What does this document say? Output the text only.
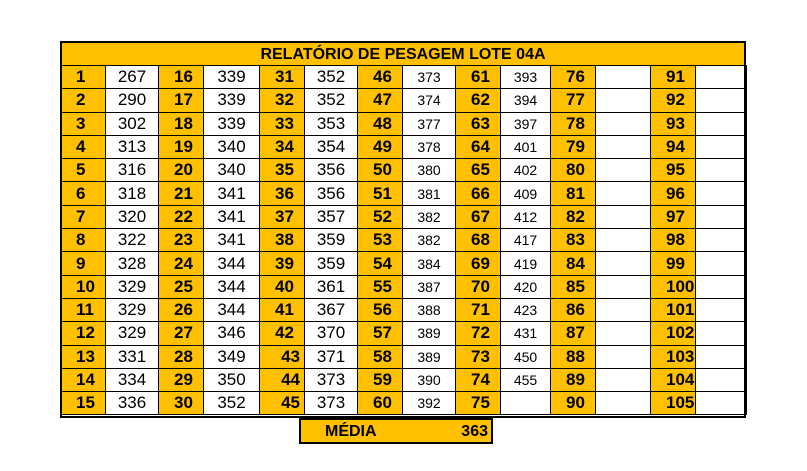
RELATÓRIO DE PESAGEM LOTE 04A
1	267	16	339	31	352	46	373	61	393	76		91	
2	290	17	339	32	352	47	374	62	394	77		92	
3	302	18	339	33	353	48	377	63	397	78		93	
4	313	19	340	34	354	49	378	64	401	79		94	
5	316	20	340	35	356	50	380	65	402	80		95	
6	318	21	341	36	356	51	381	66	409	81		96	
7	320	22	341	37	357	52	382	67	412	82		97	
8	322	23	341	38	359	53	382	68	417	83		98	
9	328	24	344	39	359	54	384	69	419	84		99	
10	329	25	344	40	361	55	387	70	420	85		100	
11	329	26	344	41	367	56	388	71	423	86		101	
12	329	27	346	42	370	57	389	72	431	87		102	
13	331	28	349	43	371	58	389	73	450	88		103	
14	334	29	350	44	373	59	390	74	455	89		104	
15	336	30	352	45	373	60	392	75		90		105	
MÉDIA	363
